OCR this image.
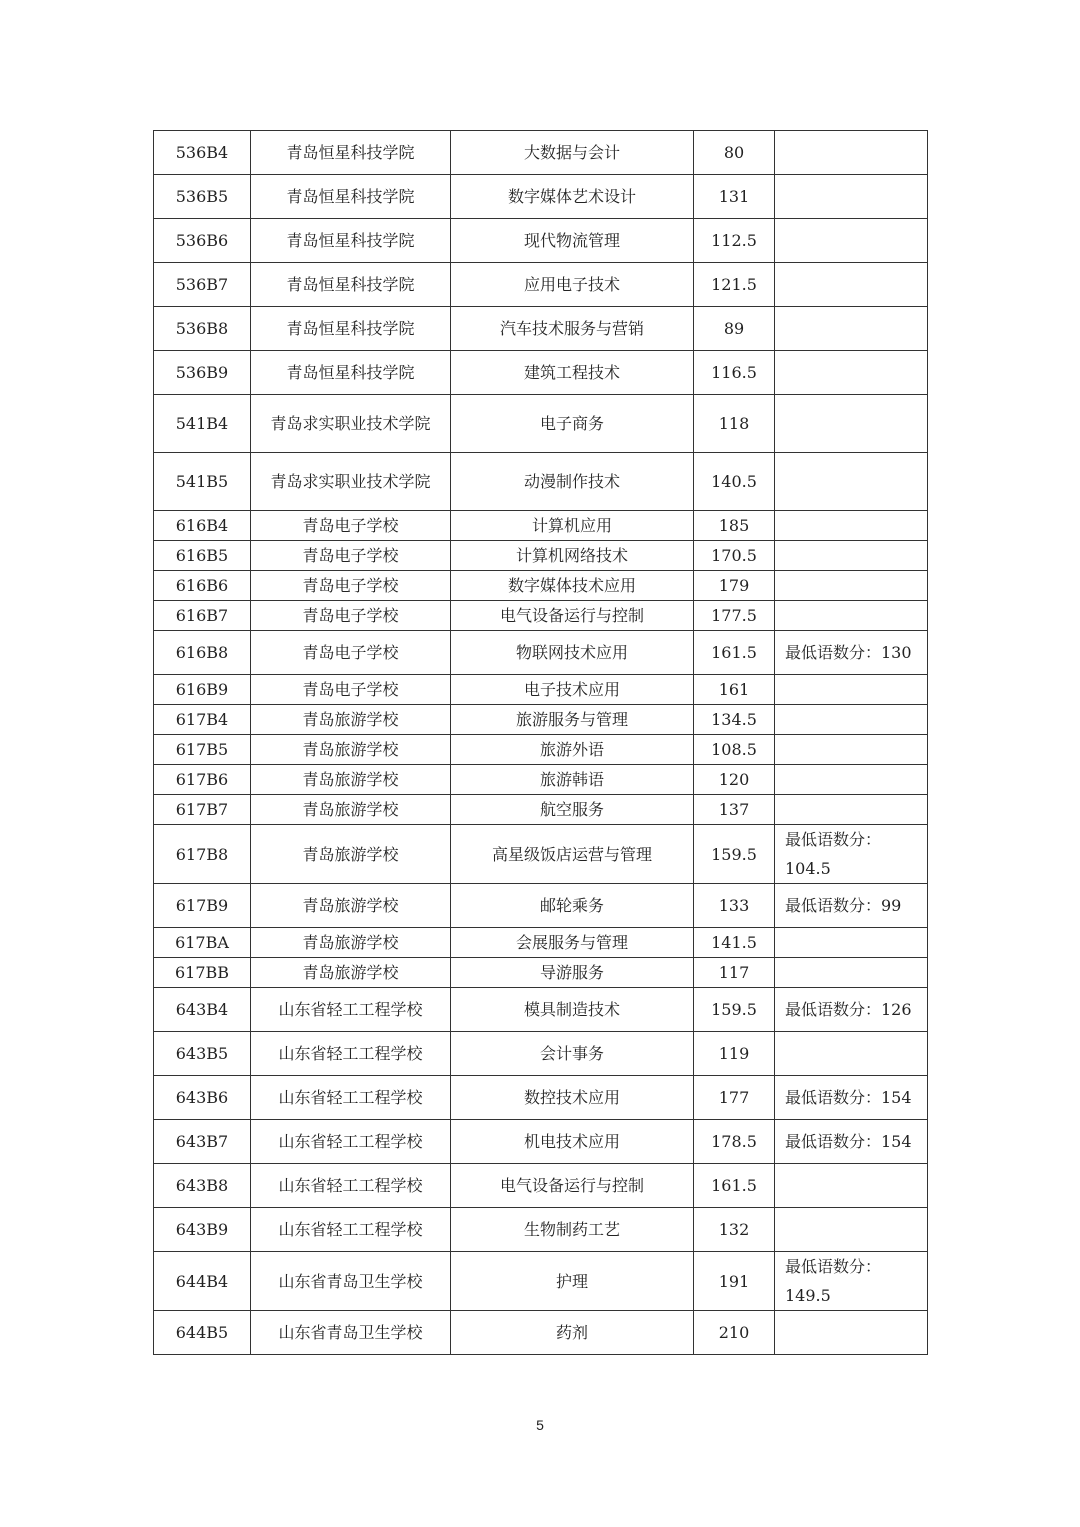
536B4	青岛恒星科技学院	大数据与会计	80	
536B5	青岛恒星科技学院	数字媒体艺术设计	131	
536B6	青岛恒星科技学院	现代物流管理	112.5	
536B7	青岛恒星科技学院	应用电子技术	121.5	
536B8	青岛恒星科技学院	汽车技术服务与营销	89	
536B9	青岛恒星科技学院	建筑工程技术	116.5	
541B4	青岛求实职业技术学院	电子商务	118	
541B5	青岛求实职业技术学院	动漫制作技术	140.5	
616B4	青岛电子学校	计算机应用	185	
616B5	青岛电子学校	计算机网络技术	170.5	
616B6	青岛电子学校	数字媒体技术应用	179	
616B7	青岛电子学校	电气设备运行与控制	177.5	
616B8	青岛电子学校	物联网技术应用	161.5	最低语数分：130
616B9	青岛电子学校	电子技术应用	161	
617B4	青岛旅游学校	旅游服务与管理	134.5	
617B5	青岛旅游学校	旅游外语	108.5	
617B6	青岛旅游学校	旅游韩语	120	
617B7	青岛旅游学校	航空服务	137	
617B8	青岛旅游学校	高星级饭店运营与管理	159.5	最低语数分：104.5
617B9	青岛旅游学校	邮轮乘务	133	最低语数分：99
617BA	青岛旅游学校	会展服务与管理	141.5	
617BB	青岛旅游学校	导游服务	117	
643B4	山东省轻工工程学校	模具制造技术	159.5	最低语数分：126
643B5	山东省轻工工程学校	会计事务	119	
643B6	山东省轻工工程学校	数控技术应用	177	最低语数分：154
643B7	山东省轻工工程学校	机电技术应用	178.5	最低语数分：154
643B8	山东省轻工工程学校	电气设备运行与控制	161.5	
643B9	山东省轻工工程学校	生物制药工艺	132	
644B4	山东省青岛卫生学校	护理	191	最低语数分：149.5
644B5	山东省青岛卫生学校	药剂	210	
5
